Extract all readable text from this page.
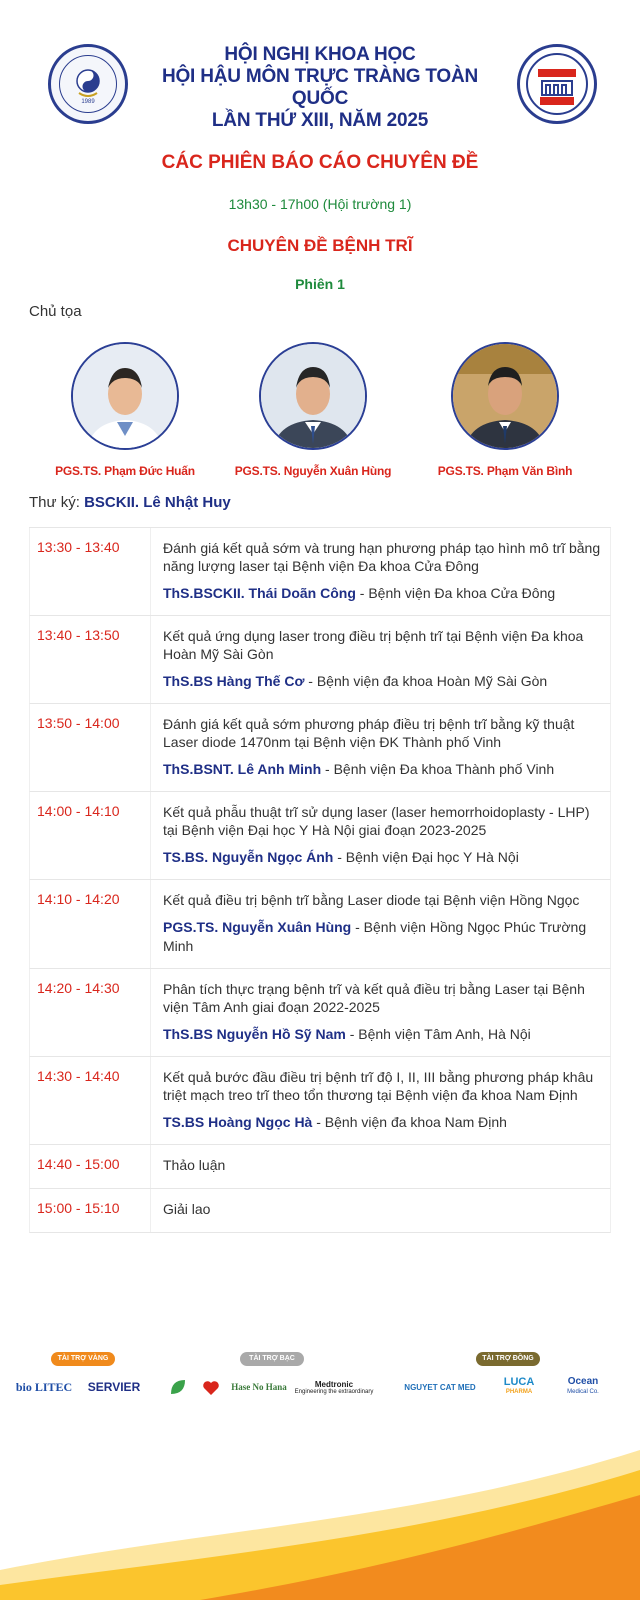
1989
HỘI NGHỊ KHOA HỌC
HỘI HẬU MÔN TRỰC TRÀNG TOÀN QUỐC
LẦN THỨ XIII, NĂM 2025
CÁC PHIÊN BÁO CÁO CHUYÊN ĐỀ
13h30 - 17h00 (Hội trường 1)
CHUYÊN ĐỀ BỆNH TRĨ
Phiên 1
Chủ tọa
PGS.TS. Phạm Đức Huấn	PGS.TS. Nguyễn Xuân Hùng	PGS.TS. Phạm Văn Bình
Thư ký: BSCKII. Lê Nhật Huy
13:30 - 13:40	Đánh giá kết quả sớm và trung hạn phương pháp tạo hình mô trĩ bằng năng lượng laser tại Bệnh viện Đa khoa Cửa Đông
ThS.BSCKII. Thái Doãn Công - Bệnh viện Đa khoa Cửa Đông
13:40 - 13:50	Kết quả ứng dụng laser trong điều trị bệnh trĩ tại Bệnh viện Đa khoa Hoàn Mỹ Sài Gòn
ThS.BS Hàng Thế Cơ - Bệnh viện đa khoa Hoàn Mỹ Sài Gòn
13:50 - 14:00	Đánh giá kết quả sớm phương pháp điều trị bệnh trĩ bằng kỹ thuật Laser diode 1470nm tại Bệnh viện ĐK Thành phố Vinh
ThS.BSNT. Lê Anh Minh - Bệnh viện Đa khoa Thành phố Vinh
14:00 - 14:10	Kết quả phẫu thuật trĩ sử dụng laser (laser hemorrhoidoplasty - LHP) tại Bệnh viện Đại học Y Hà Nội giai đoạn 2023-2025
TS.BS. Nguyễn Ngọc Ánh - Bệnh viện Đại học Y Hà Nội
14:10 - 14:20	Kết quả điều trị bệnh trĩ bằng Laser diode tại Bệnh viện Hồng Ngọc
PGS.TS. Nguyễn Xuân Hùng - Bệnh viện Hồng Ngọc Phúc Trường Minh
14:20 - 14:30	Phân tích thực trạng bệnh trĩ và kết quả điều trị bằng Laser tại Bệnh viện Tâm Anh giai đoạn 2022-2025
ThS.BS Nguyễn Hồ Sỹ Nam - Bệnh viện Tâm Anh, Hà Nội
14:30 - 14:40	Kết quả bước đầu điều trị bệnh trĩ độ I, II, III bằng phương pháp khâu triệt mạch treo trĩ theo tổn thương tại Bệnh viện đa khoa Nam Định
TS.BS Hoàng Ngọc Hà - Bệnh viện đa khoa Nam Định
14:40 - 15:00	Thảo luận
15:00 - 15:10	Giải lao
TÀI TRỢ VÀNG	TÀI TRỢ BẠC	TÀI TRỢ ĐỒNG
bio LITEC	SERVIER	Hase No Hana	Medtronic
Engineering the extraordinary	NGUYET CAT MED	LUCA
PHARMA
Ocean
Medical Co.
